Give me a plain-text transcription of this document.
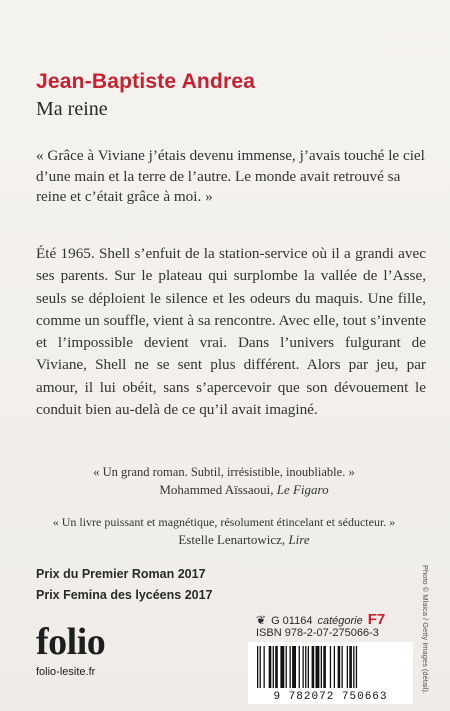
Jean-Baptiste Andrea
Ma reine
« Grâce à Viviane j’étais devenu immense, j’avais touché le ciel d’une main et la terre de l’autre. Le monde avait retrouvé sa reine et c’était grâce à moi. »
Été 1965. Shell s’enfuit de la station-service où il a grandi avec ses parents. Sur le plateau qui surplombe la vallée de l’Asse, seuls se déploient le silence et les odeurs du maquis. Une fille, comme un souffle, vient à sa rencontre. Avec elle, tout s’invente et l’impossible devient vrai. Dans l’univers fulgurant de Viviane, Shell ne se sent plus différent. Alors par jeu, par amour, il lui obéit, sans s’apercevoir que son dévouement le conduit bien au-delà de ce qu’il avait imaginé.
« Un grand roman. Subtil, irrésistible, inoubliable. »
Mohammed Aïssaoui, Le Figaro
« Un livre puissant et magnétique, résolument étincelant et séducteur. »
Estelle Lenartowicz, Lire
Prix du Premier Roman 2017
Prix Femina des lycéens 2017
folio
folio-lesite.fr
❦ G 01164 catégorie F7
ISBN 978-2-07-275066-3
9 782072 750663
Photo © Mlaica / Getty Images (détail).
